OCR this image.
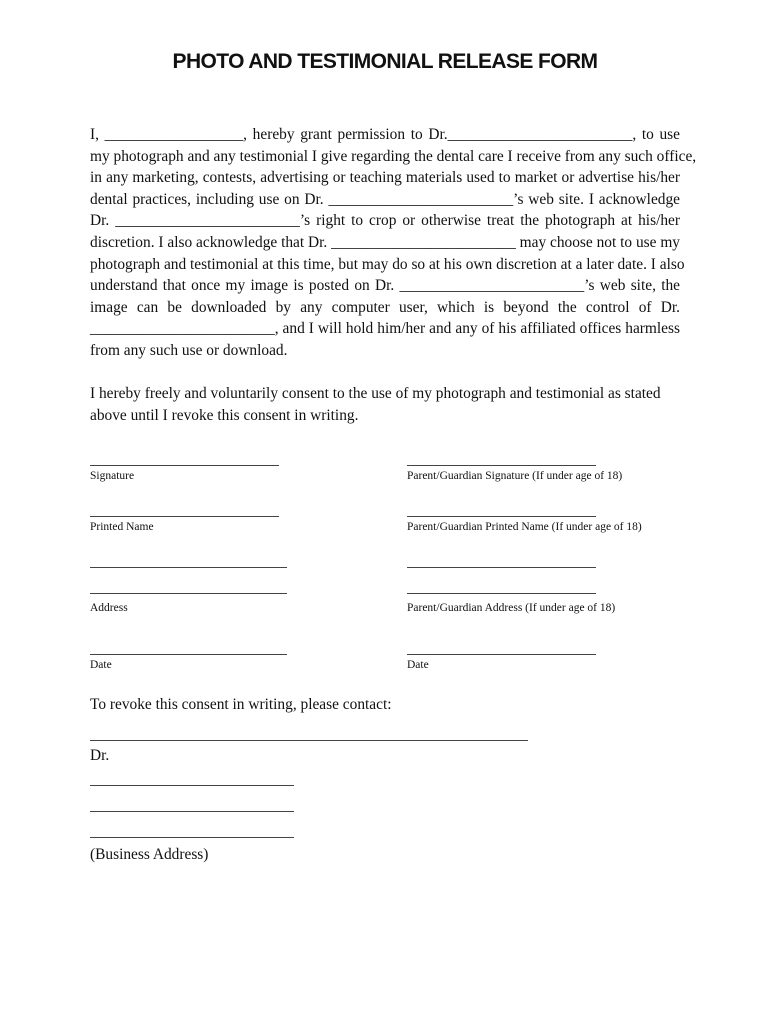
PHOTO AND TESTIMONIAL RELEASE FORM
I, __________________, hereby grant permission to Dr.________________________, to use
my photograph and any testimonial I give regarding the dental care I receive from any such office,
in any marketing, contests, advertising or teaching materials used to market or advertise his/her
dental practices, including use on Dr. ________________________’s web site. I acknowledge
Dr. ________________________’s right to crop or otherwise treat the photograph at his/her
discretion. I also acknowledge that Dr. ________________________ may choose not to use my
photograph and testimonial at this time, but may do so at his own discretion at a later date. I also
understand that once my image is posted on Dr. ________________________’s web site, the
image can be downloaded by any computer user, which is beyond the control of Dr.
________________________, and I will hold him/her and any of his affiliated offices harmless
from any such use or download.
I hereby freely and voluntarily consent to the use of my photograph and testimonial as stated
above until I revoke this consent in writing.

Signature

Printed Name

Address

Date

Parent/Guardian Signature (If under age of 18)

Parent/Guardian Printed Name (If under age of 18)

Parent/Guardian Address (If under age of 18)

Date

To revoke this consent in writing, please contact:

Dr.

(Business Address)
